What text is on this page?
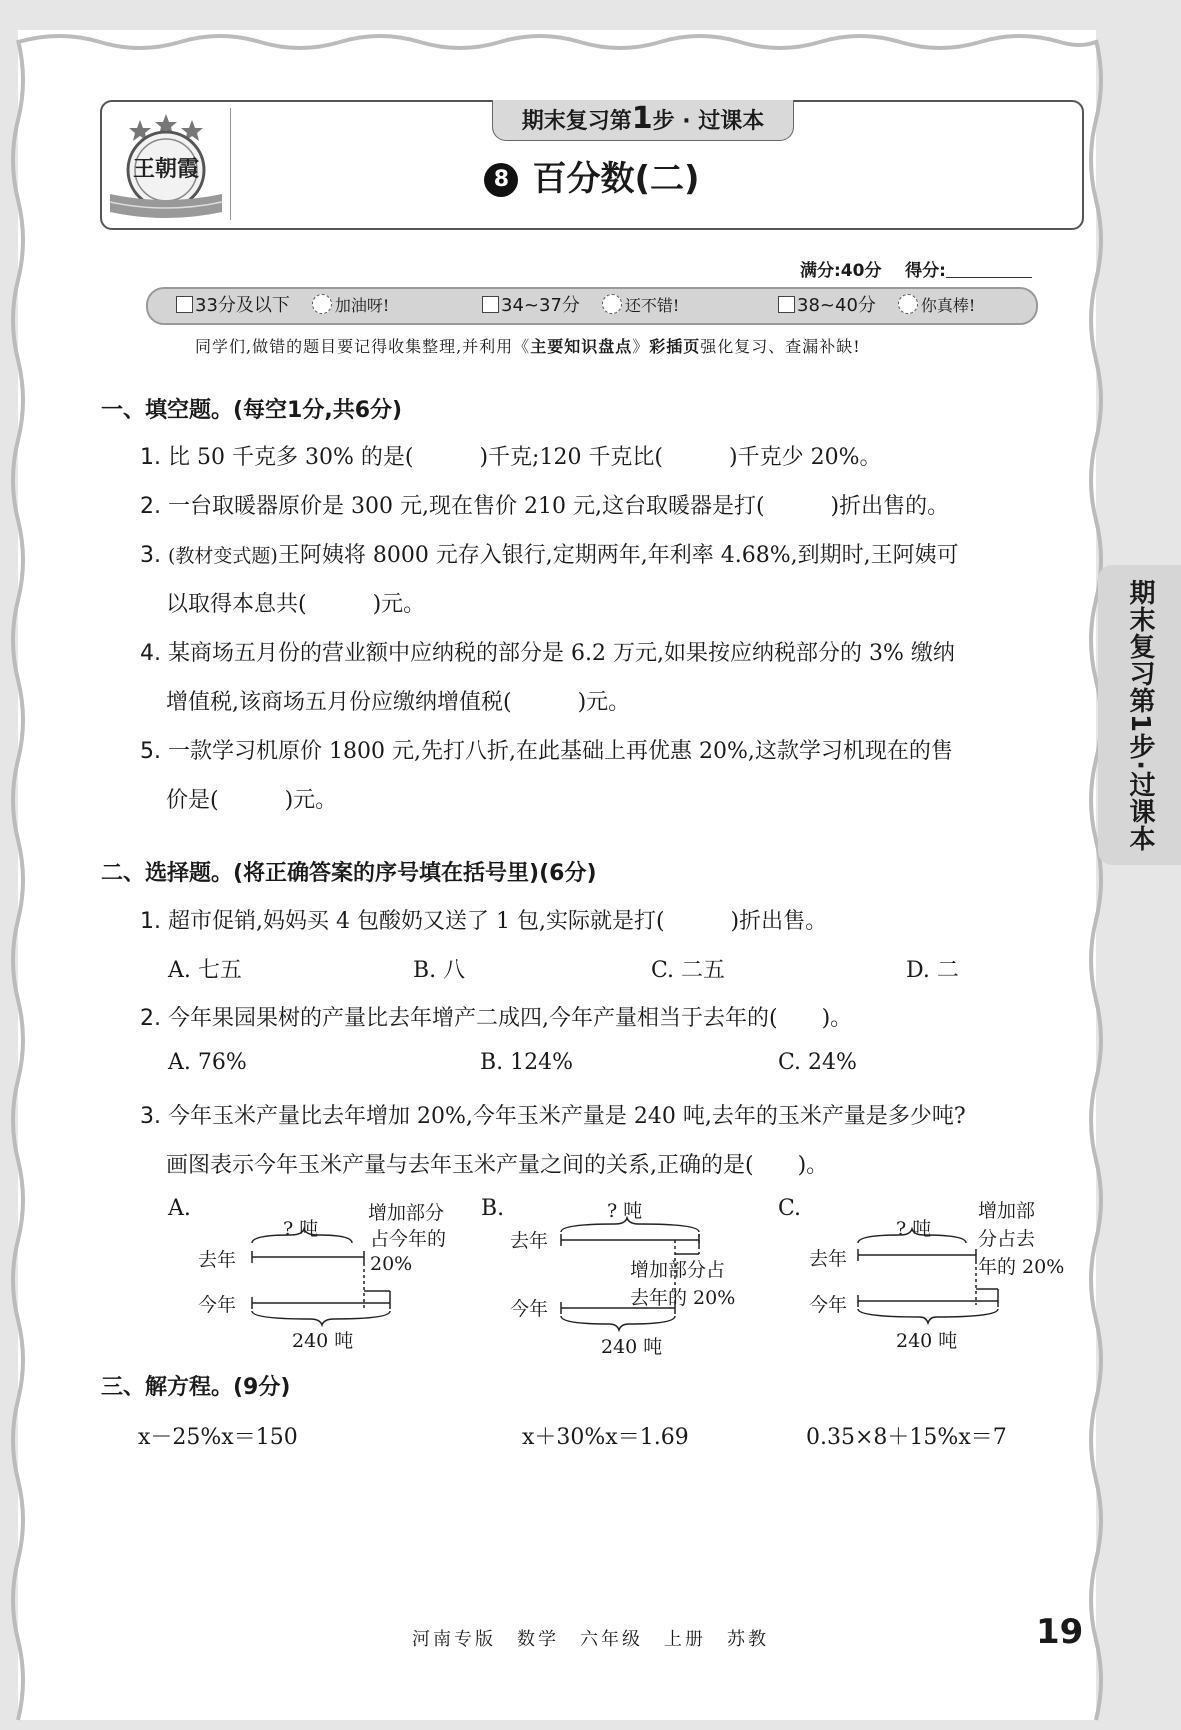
王朝霞
期末复习第1步 · 过课本
8 百分数(二)
满分:40分 得分:
33分及以下	加油呀!	34~37分	还不错!	38~40分	你真棒!
同学们,做错的题目要记得收集整理,并利用《主要知识盘点》彩插页强化复习、查漏补缺!
一、填空题。(每空1分,共6分)
1. 比 50 千克多 30% 的是(　　　)千克;120 千克比(　　　)千克少 20%。
2. 一台取暖器原价是 300 元,现在售价 210 元,这台取暖器是打(　　　)折出售的。
3. (教材变式题)王阿姨将 8000 元存入银行,定期两年,年利率 4.68%,到期时,王阿姨可
以取得本息共(　　　)元。
4. 某商场五月份的营业额中应纳税的部分是 6.2 万元,如果按应纳税部分的 3% 缴纳
增值税,该商场五月份应缴纳增值税(　　　)元。
5. 一款学习机原价 1800 元,先打八折,在此基础上再优惠 20%,这款学习机现在的售
价是(　　　)元。
二、选择题。(将正确答案的序号填在括号里)(6分)
1. 超市促销,妈妈买 4 包酸奶又送了 1 包,实际就是打(　　　)折出售。
A. 七五	B. 八	C. 二五	D. 二
2. 今年果园果树的产量比去年增产二成四,今年产量相当于去年的(　　)。
A. 76%	B. 124%	C. 24%
3. 今年玉米产量比去年增加 20%,今年玉米产量是 240 吨,去年的玉米产量是多少吨?
画图表示今年玉米产量与去年玉米产量之间的关系,正确的是(　　)。
A.
? 吨
去年
今年
240 吨
增加部分
占今年的
20%
B.	? 吨
去年
今年
240 吨
增加部分占
去年的 20%
C.
? 吨
去年
今年
240 吨
增加部
分占去
年的 20%
三、解方程。(9分)
x－25%x＝150	x＋30%x＝1.69	0.35×8＋15%x＝7
河南专版　数学　六年级　上册　苏教	19
期末复习第1步·过课本
